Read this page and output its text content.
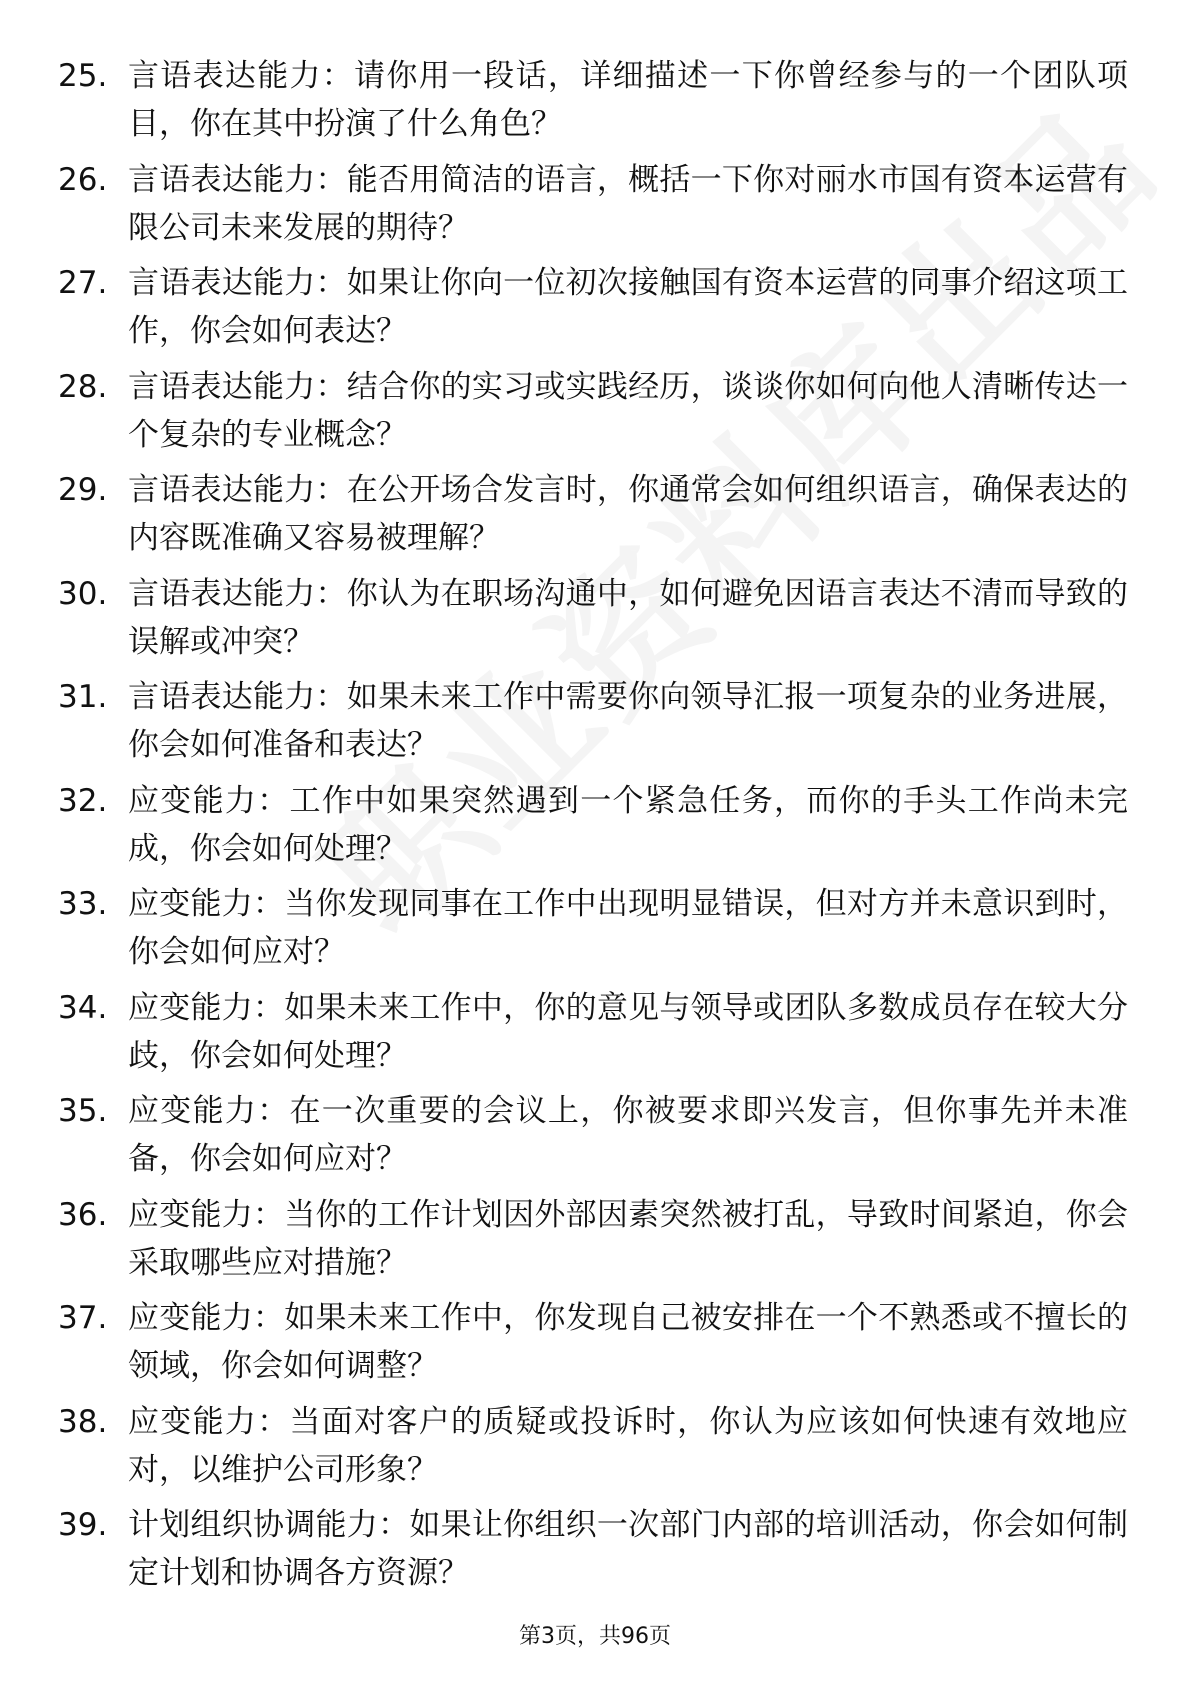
25. 言语表达能力：请你用一段话，详细描述一下你曾经参与的一个团队项目，你在其中扮演了什么角色？
26. 言语表达能力：能否用简洁的语言，概括一下你对丽水市国有资本运营有限公司未来发展的期待？
27. 言语表达能力：如果让你向一位初次接触国有资本运营的同事介绍这项工作，你会如何表达？
28. 言语表达能力：结合你的实习或实践经历，谈谈你如何向他人清晰传达一个复杂的专业概念？
29. 言语表达能力：在公开场合发言时，你通常会如何组织语言，确保表达的内容既准确又容易被理解？
30. 言语表达能力：你认为在职场沟通中，如何避免因语言表达不清而导致的误解或冲突？
31. 言语表达能力：如果未来工作中需要你向领导汇报一项复杂的业务进展，你会如何准备和表达？
32. 应变能力：工作中如果突然遇到一个紧急任务，而你的手头工作尚未完成，你会如何处理？
33. 应变能力：当你发现同事在工作中出现明显错误，但对方并未意识到时，你会如何应对？
34. 应变能力：如果未来工作中，你的意见与领导或团队多数成员存在较大分歧，你会如何处理？
35. 应变能力：在一次重要的会议上，你被要求即兴发言，但你事先并未准备，你会如何应对？
36. 应变能力：当你的工作计划因外部因素突然被打乱，导致时间紧迫，你会采取哪些应对措施？
37. 应变能力：如果未来工作中，你发现自己被安排在一个不熟悉或不擅长的领域，你会如何调整？
38. 应变能力：当面对客户的质疑或投诉时，你认为应该如何快速有效地应对，以维护公司形象？
39. 计划组织协调能力：如果让你组织一次部门内部的培训活动，你会如何制定计划和协调各方资源？
第3页，共96页
